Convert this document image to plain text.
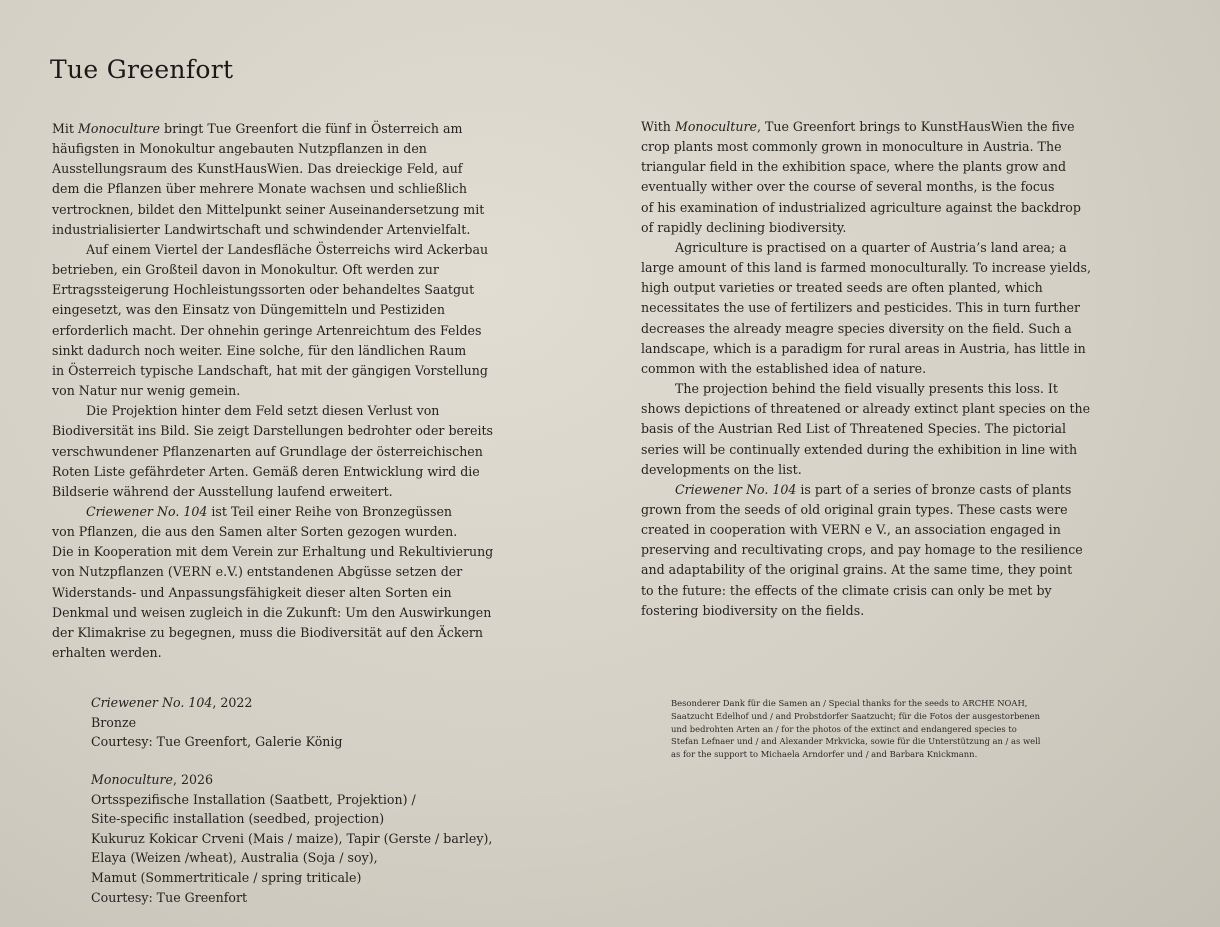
Tue Greenfort
Mit Monoculture bringt Tue Greenfort die fünf in Österreich am
häufigsten in Monokultur angebauten Nutzpflanzen in den
Ausstellungsraum des KunstHausWien. Das dreieckige Feld, auf
dem die Pflanzen über mehrere Monate wachsen und schließlich
vertrocknen, bildet den Mittelpunkt seiner Auseinandersetzung mit
industrialisierter Landwirtschaft und schwindender Artenvielfalt.
Auf einem Viertel der Landesfläche Österreichs wird Ackerbau
betrieben, ein Großteil davon in Monokultur. Oft werden zur
Ertragssteigerung Hochleistungssorten oder behandeltes Saatgut
eingesetzt, was den Einsatz von Düngemitteln und Pestiziden
erforderlich macht. Der ohnehin geringe Artenreichtum des Feldes
sinkt dadurch noch weiter. Eine solche, für den ländlichen Raum
in Österreich typische Landschaft, hat mit der gängigen Vorstellung
von Natur nur wenig gemein.
Die Projektion hinter dem Feld setzt diesen Verlust von
Biodiversität ins Bild. Sie zeigt Darstellungen bedrohter oder bereits
verschwundener Pflanzenarten auf Grundlage der österreichischen
Roten Liste gefährdeter Arten. Gemäß deren Entwicklung wird die
Bildserie während der Ausstellung laufend erweitert.
Criewener No. 104 ist Teil einer Reihe von Bronzegüssen
von Pflanzen, die aus den Samen alter Sorten gezogen wurden.
Die in Kooperation mit dem Verein zur Erhaltung und Rekultivierung
von Nutzpflanzen (VERN e.V.) entstandenen Abgüsse setzen der
Widerstands- und Anpassungsfähigkeit dieser alten Sorten ein
Denkmal und weisen zugleich in die Zukunft: Um den Auswirkungen
der Klimakrise zu begegnen, muss die Biodiversität auf den Äckern
erhalten werden.
With Monoculture, Tue Greenfort brings to KunstHausWien the five
crop plants most commonly grown in monoculture in Austria. The
triangular field in the exhibition space, where the plants grow and
eventually wither over the course of several months, is the focus
of his examination of industrialized agriculture against the backdrop
of rapidly declining biodiversity.
Agriculture is practised on a quarter of Austria’s land area; a
large amount of this land is farmed monoculturally. To increase yields,
high output varieties or treated seeds are often planted, which
necessitates the use of fertilizers and pesticides. This in turn further
decreases the already meagre species diversity on the field. Such a
landscape, which is a paradigm for rural areas in Austria, has little in
common with the established idea of nature.
The projection behind the field visually presents this loss. It
shows depictions of threatened or already extinct plant species on the
basis of the Austrian Red List of Threatened Species. The pictorial
series will be continually extended during the exhibition in line with
developments on the list.
Criewener No. 104 is part of a series of bronze casts of plants
grown from the seeds of old original grain types. These casts were
created in cooperation with VERN e V., an association engaged in
preserving and recultivating crops, and pay homage to the resilience
and adaptability of the original grains. At the same time, they point
to the future: the effects of the climate crisis can only be met by
fostering biodiversity on the fields.
Criewener No. 104, 2022
Bronze
Courtesy: Tue Greenfort, Galerie König
Monoculture, 2026
Ortsspezifische Installation (Saatbett, Projektion) /
Site-specific installation (seedbed, projection)
Kukuruz Kokicar Crveni (Mais / maize), Tapir (Gerste / barley),
Elaya (Weizen /wheat), Australia (Soja / soy),
Mamut (Sommertriticale / spring triticale)
Courtesy: Tue Greenfort
Besonderer Dank für die Samen an / Special thanks for the seeds to ARCHE NOAH,
Saatzucht Edelhof und / and Probstdorfer Saatzucht; für die Fotos der ausgestorbenen
und bedrohten Arten an / for the photos of the extinct and endangered species to
Stefan Lefnaer und / and Alexander Mrkvicka, sowie für die Unterstützung an / as well
as for the support to Michaela Arndorfer und / and Barbara Knickmann.
